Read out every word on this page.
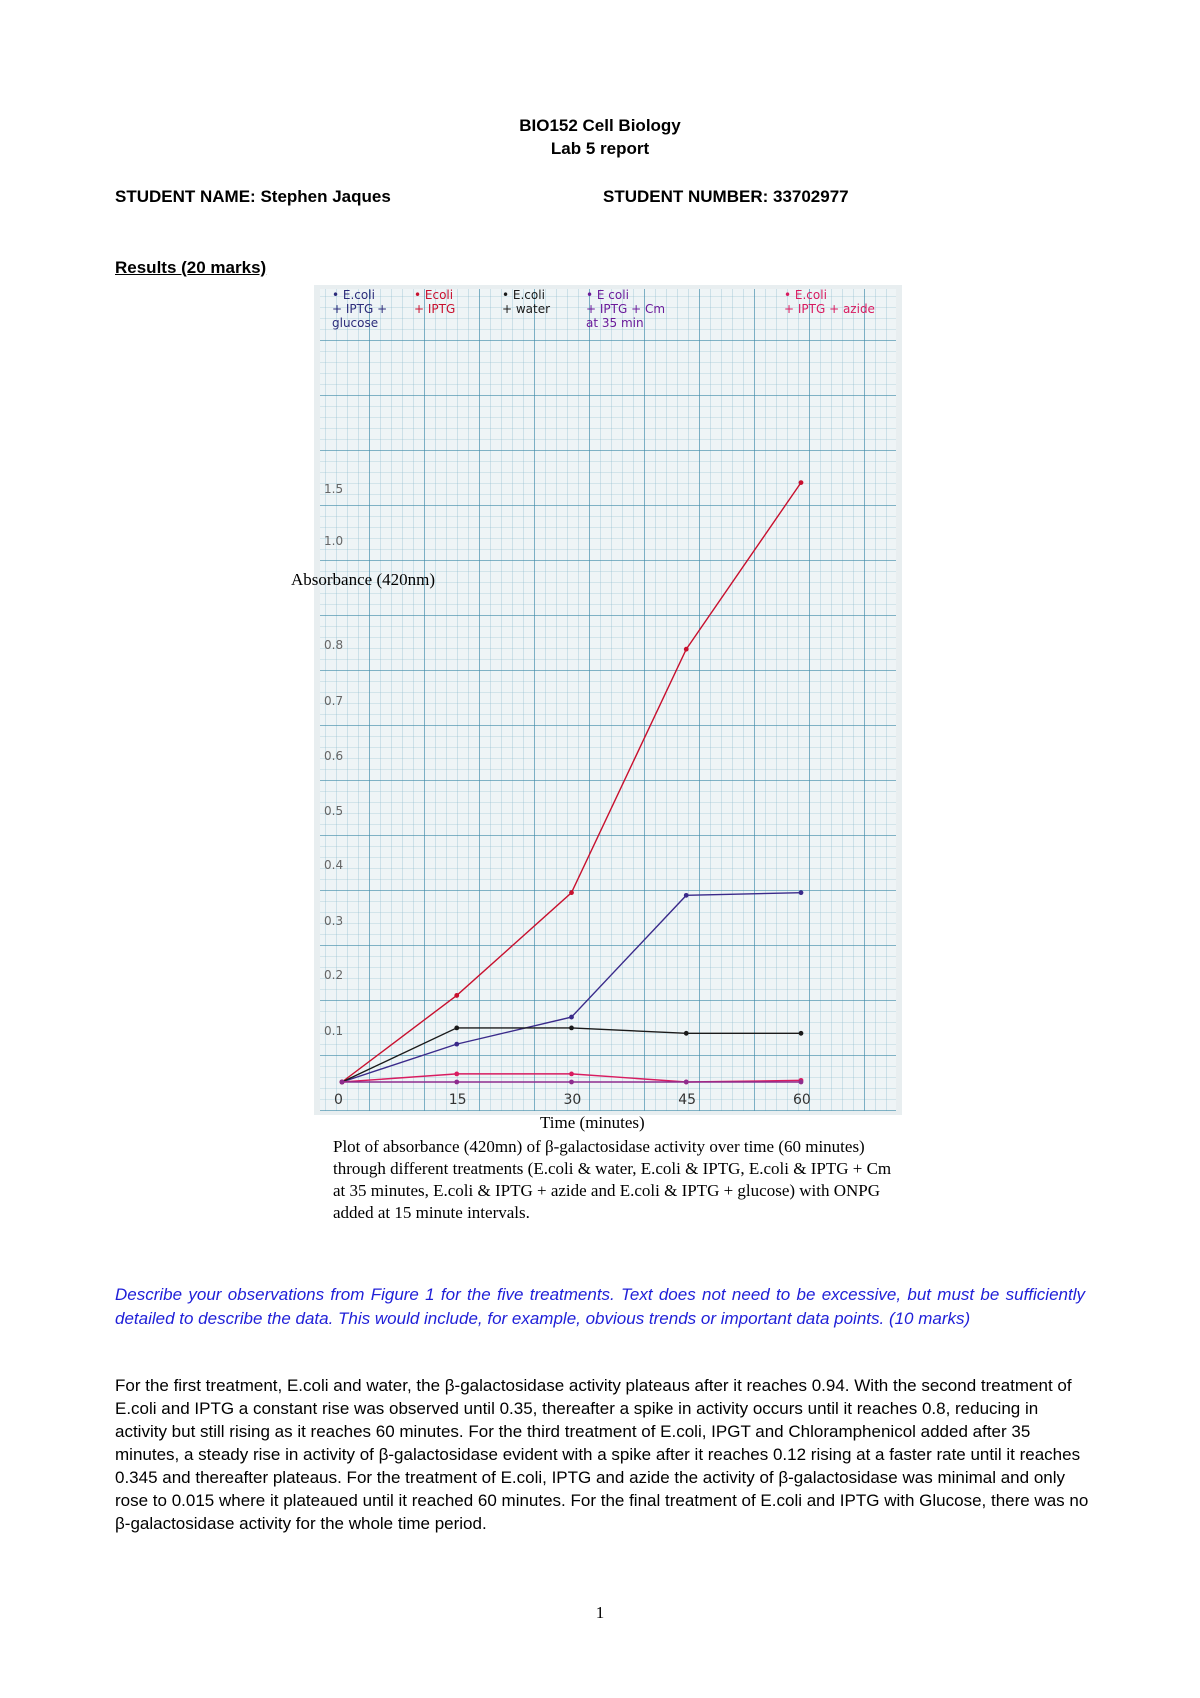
BIO152 Cell Biology
Lab 5 report
STUDENT NAME: Stephen Jaques	STUDENT NUMBER: 33702977
Results (20 marks)
• E.coli
+ IPTG +
glucose
• Ecoli
+ IPTG
• E.coli
+ water
• E coli
+ IPTG + Cm
at 35 min
• E.coli
+ IPTG + azide
0	15	30	45	60
0.1
0.2
0.3
0.4
0.5
0.6
0.7
0.8
1.0
1.5
Absorbance (420nm)
Time (minutes)
Plot of absorbance (420mn) of β-galactosidase activity over time (60 minutes) through different treatments (E.coli & water, E.coli & IPTG, E.coli & IPTG + Cm at 35 minutes, E.coli & IPTG + azide and E.coli & IPTG + glucose) with ONPG added at 15 minute intervals.
Describe your observations from Figure 1 for the five treatments. Text does not need to be excessive, but must be sufficiently detailed to describe the data. This would include, for example, obvious trends or important data points. (10 marks)
For the first treatment, E.coli and water, the β-galactosidase activity plateaus after it reaches 0.94. With the second treatment of E.coli and IPTG a constant rise was observed until 0.35, thereafter a spike in activity occurs until it reaches 0.8, reducing in activity but still rising as it reaches 60 minutes. For the third treatment of E.coli, IPGT and Chloramphenicol added after 35 minutes, a steady rise in activity of β-galactosidase evident with a spike after it reaches 0.12 rising at a faster rate until it reaches 0.345 and thereafter plateaus. For the treatment of E.coli, IPTG and azide the activity of β-galactosidase was minimal and only rose to 0.015 where it plateaued until it reached 60 minutes. For the final treatment of E.coli and IPTG with Glucose, there was no β-galactosidase activity for the whole time period.
1
